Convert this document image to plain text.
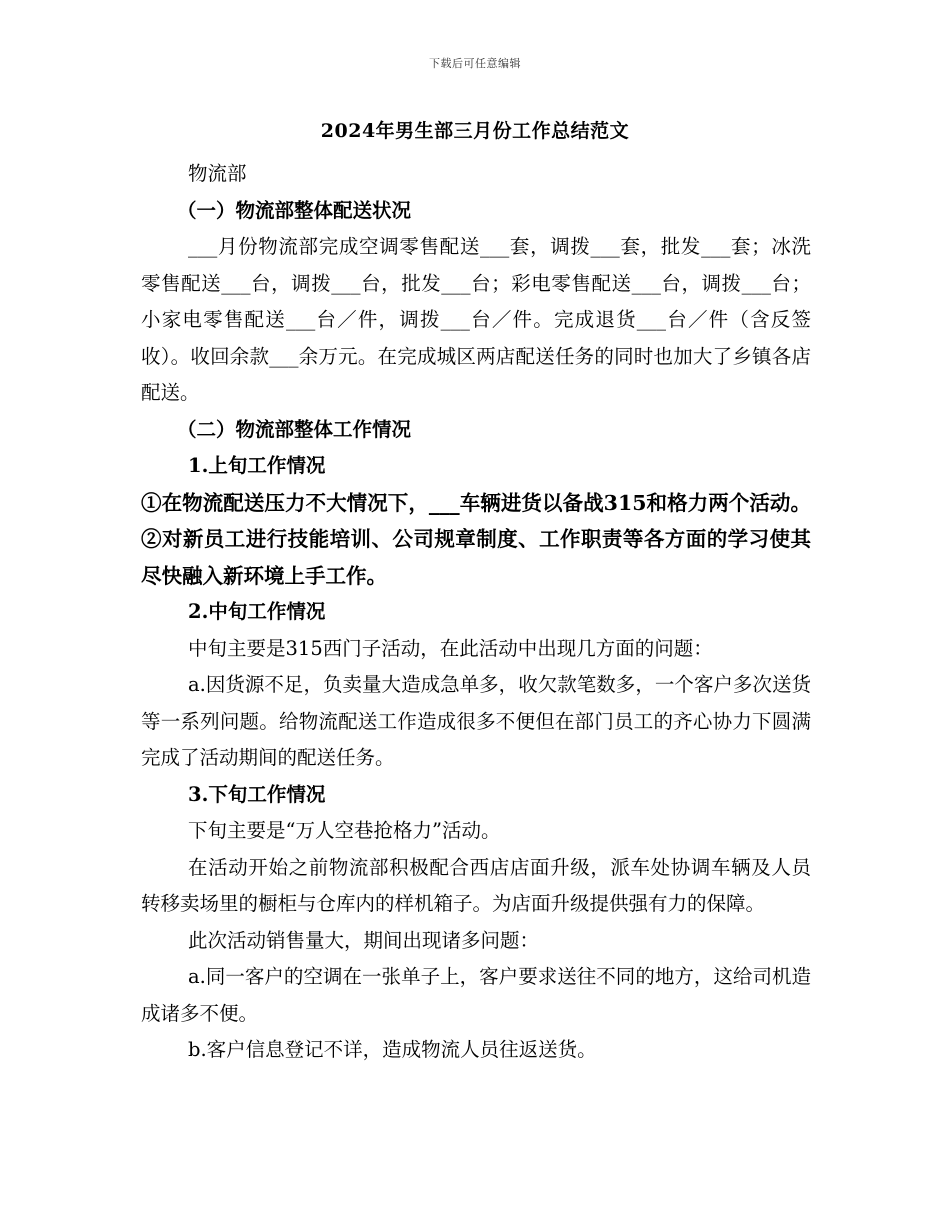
下载后可任意编辑
2024年男生部三月份工作总结范文

物流部

（一）物流部整体配送状况

___月份物流部完成空调零售配送___套，调拨___套，批发___套；冰洗零售配送___台，调拨___台，批发___台；彩电零售配送___台，调拨___台；小家电零售配送___台／件，调拨___台／件。完成退货___台／件（含反签收）。收回余款___余万元。在完成城区两店配送任务的同时也加大了乡镇各店配送。

（二）物流部整体工作情况

1.上旬工作情况

①在物流配送压力不大情况下，___车辆进货以备战315和格力两个活动。②对新员工进行技能培训、公司规章制度、工作职责等各方面的学习使其尽快融入新环境上手工作。

2.中旬工作情况

中旬主要是315西门子活动，在此活动中出现几方面的问题：

a.因货源不足，负卖量大造成急单多，收欠款笔数多，一个客户多次送货等一系列问题。给物流配送工作造成很多不便但在部门员工的齐心协力下圆满完成了活动期间的配送任务。

3.下旬工作情况

下旬主要是“万人空巷抢格力”活动。

在活动开始之前物流部积极配合西店店面升级，派车处协调车辆及人员转移卖场里的橱柜与仓库内的样机箱子。为店面升级提供强有力的保障。

此次活动销售量大，期间出现诸多问题：

a.同一客户的空调在一张单子上，客户要求送往不同的地方，这给司机造成诸多不便。

b.客户信息登记不详，造成物流人员往返送货。
